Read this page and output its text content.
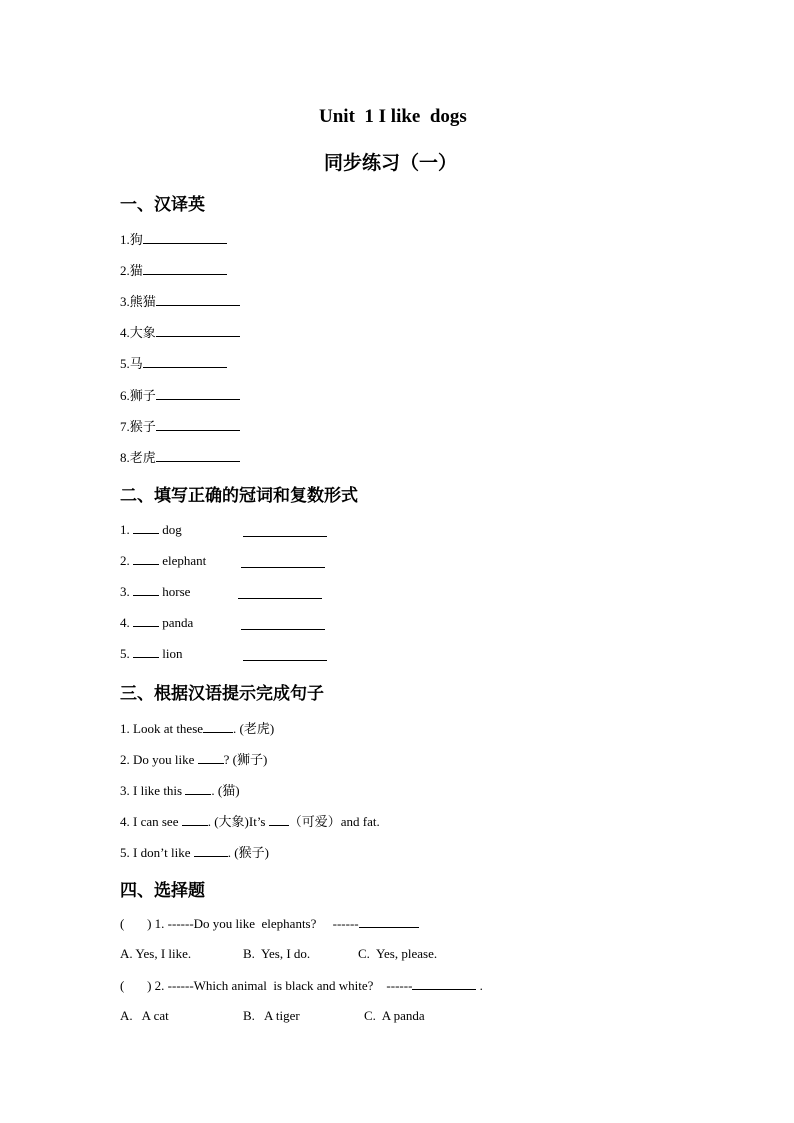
Unit  1 I like  dogs
同步练习（一）
一、汉译英
1.狗
2.猫
3.熊猫
4.大象
5.马
6.狮子
7.猴子
8.老虎
二、填写正确的冠词和复数形式
1.	dog
2.	elephant
3.	horse
4.	panda
5.	lion
三、根据汉语提示完成句子
1. Look at these . (老虎)
2. Do you like ? (狮子)
3. I like this . (猫)
4. I can see . (大象)It’s （可爱）and fat.
5. I don’t like	. (猴子)
四、选择题
(       ) 1. ------Do you like  elephants?     ------
A. Yes, I like.	B.  Yes, I do.	C.  Yes, please.
(       ) 2. ------Which animal  is black and white?    ------	.
A.   A cat	B.   A tiger	C.  A panda
